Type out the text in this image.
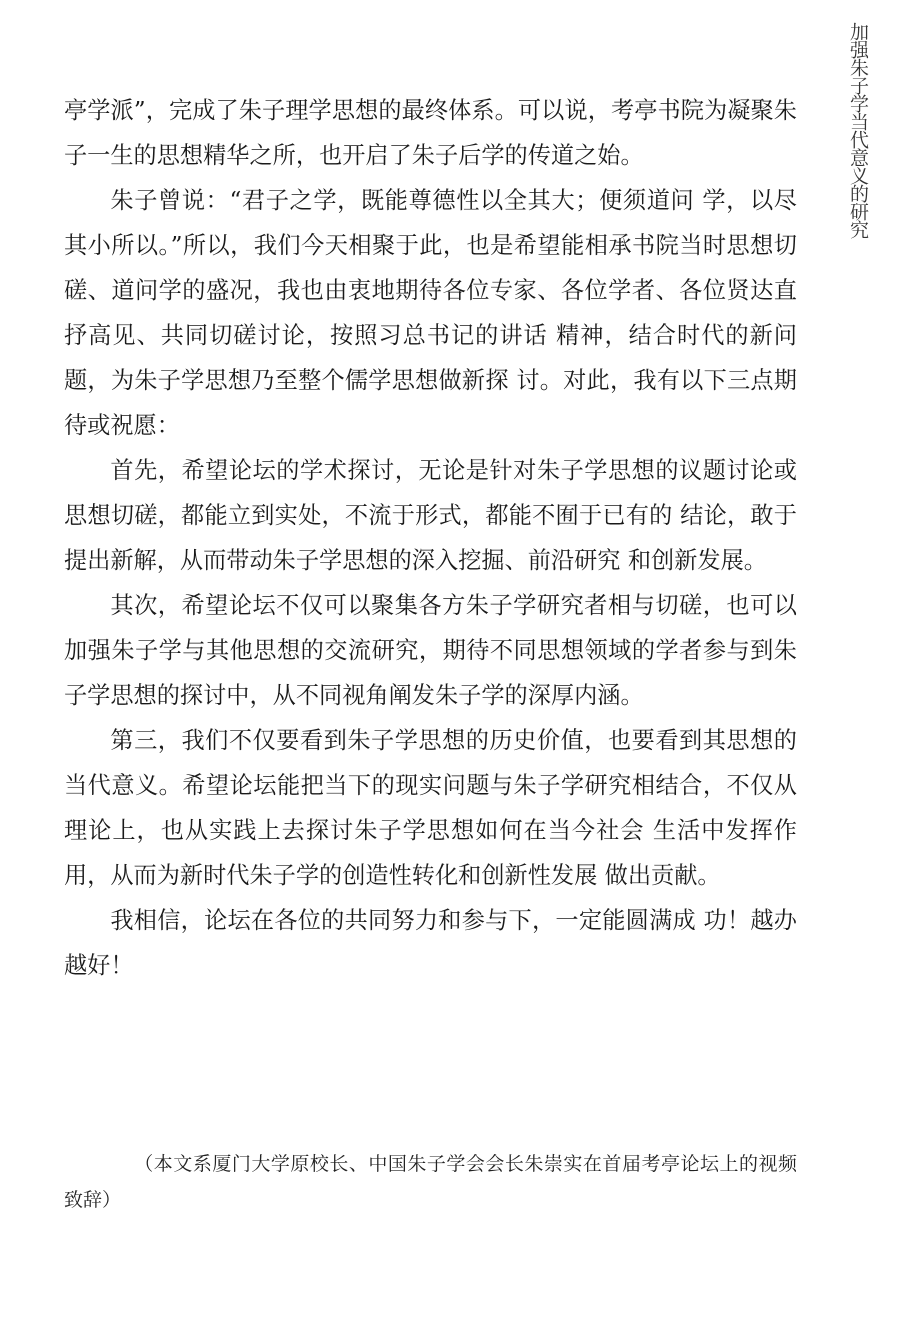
加强朱子学当代意义的研究

亭学派”，完成了朱子理学思想的最终体系。可以说，考亭书院为凝聚朱子一生的思想精华之所，也开启了朱子后学的传道之始。

朱子曾说：“君子之学，既能尊德性以全其大；便须道问 学，以尽其小所以。”所以，我们今天相聚于此，也是希望能相承书院当时思想切磋、道问学的盛况，我也由衷地期待各位专家、各位学者、各位贤达直抒高见、共同切磋讨论，按照习总书记的讲话 精神，结合时代的新问题，为朱子学思想乃至整个儒学思想做新探 讨。对此，我有以下三点期待或祝愿：

首先，希望论坛的学术探讨，无论是针对朱子学思想的议题讨论或思想切磋，都能立到实处，不流于形式，都能不囿于已有的 结论，敢于提出新解，从而带动朱子学思想的深入挖掘、前沿研究 和创新发展。

其次，希望论坛不仅可以聚集各方朱子学研究者相与切磋，也可以加强朱子学与其他思想的交流研究，期待不同思想领域的学者参与到朱子学思想的探讨中，从不同视角阐发朱子学的深厚内涵。

第三，我们不仅要看到朱子学思想的历史价值，也要看到其思想的当代意义。希望论坛能把当下的现实问题与朱子学研究相结合，不仅从理论上，也从实践上去探讨朱子学思想如何在当今社会 生活中发挥作用，从而为新时代朱子学的创造性转化和创新性发展 做出贡献。

我相信，论坛在各位的共同努力和参与下，一定能圆满成 功！越办越好！

（本文系厦门大学原校长、中国朱子学会会长朱崇实在首届考亭论坛上的视频致辞）
